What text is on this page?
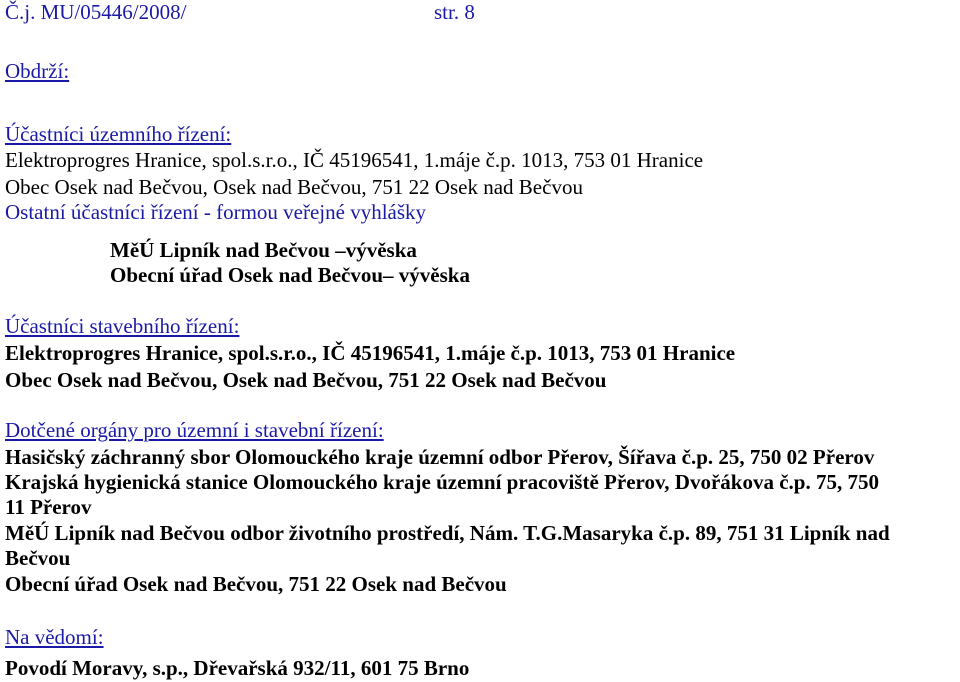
Č.j. MU/05446/2008/	str. 8
Obdrží:
Účastníci územního řízení:
Elektroprogres Hranice, spol.s.r.o., IČ 45196541, 1.máje č.p. 1013, 753 01 Hranice
Obec Osek nad Bečvou, Osek nad Bečvou, 751 22 Osek nad Bečvou
Ostatní účastníci řízení - formou veřejné vyhlášky
MěÚ Lipník nad Bečvou –vývěska
Obecní úřad Osek nad Bečvou– vývěska
Účastníci stavebního řízení:
Elektroprogres Hranice, spol.s.r.o., IČ 45196541, 1.máje č.p. 1013, 753 01 Hranice
Obec Osek nad Bečvou, Osek nad Bečvou, 751 22 Osek nad Bečvou
Dotčené orgány pro územní i stavební řízení:
Hasičský záchranný sbor Olomouckého kraje územní odbor Přerov, Šířava č.p. 25, 750 02 Přerov
Krajská hygienická stanice Olomouckého kraje územní pracoviště Přerov, Dvořákova č.p. 75, 750
11 Přerov
MěÚ Lipník nad Bečvou odbor životního prostředí, Nám. T.G.Masaryka č.p. 89, 751 31 Lipník nad
Bečvou
Obecní úřad Osek nad Bečvou, 751 22 Osek nad Bečvou
Na vědomí:
Povodí Moravy, s.p., Dřevařská 932/11, 601 75 Brno
